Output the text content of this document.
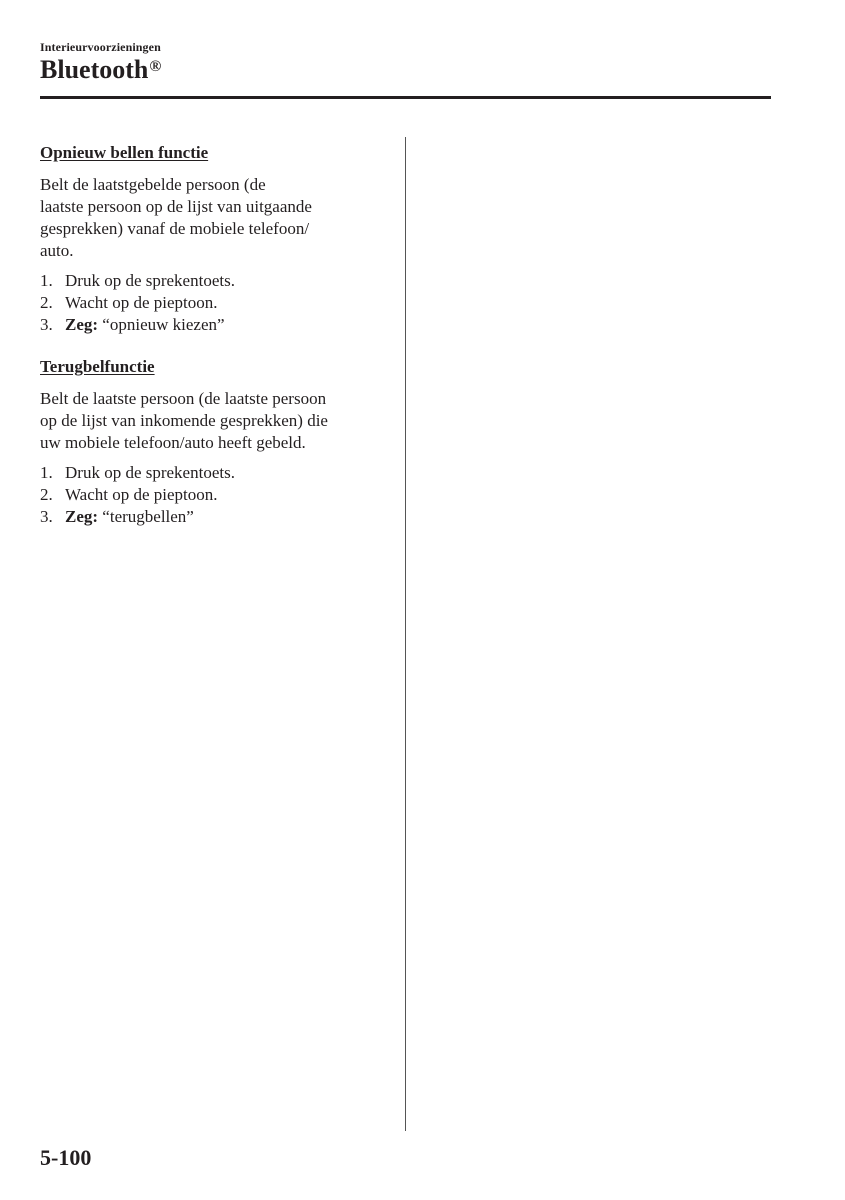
Interieurvoorzieningen
Bluetooth®
Opnieuw bellen functie
Belt de laatstgebelde persoon (de
laatste persoon op de lijst van uitgaande
gesprekken) vanaf de mobiele telefoon/
auto.
1. Druk op de sprekentoets.
2. Wacht op de pieptoon.
3. Zeg: “opnieuw kiezen”
Terugbelfunctie
Belt de laatste persoon (de laatste persoon
op de lijst van inkomende gesprekken) die
uw mobiele telefoon/auto heeft gebeld.
1. Druk op de sprekentoets.
2. Wacht op de pieptoon.
3. Zeg: “terugbellen”
5-100
